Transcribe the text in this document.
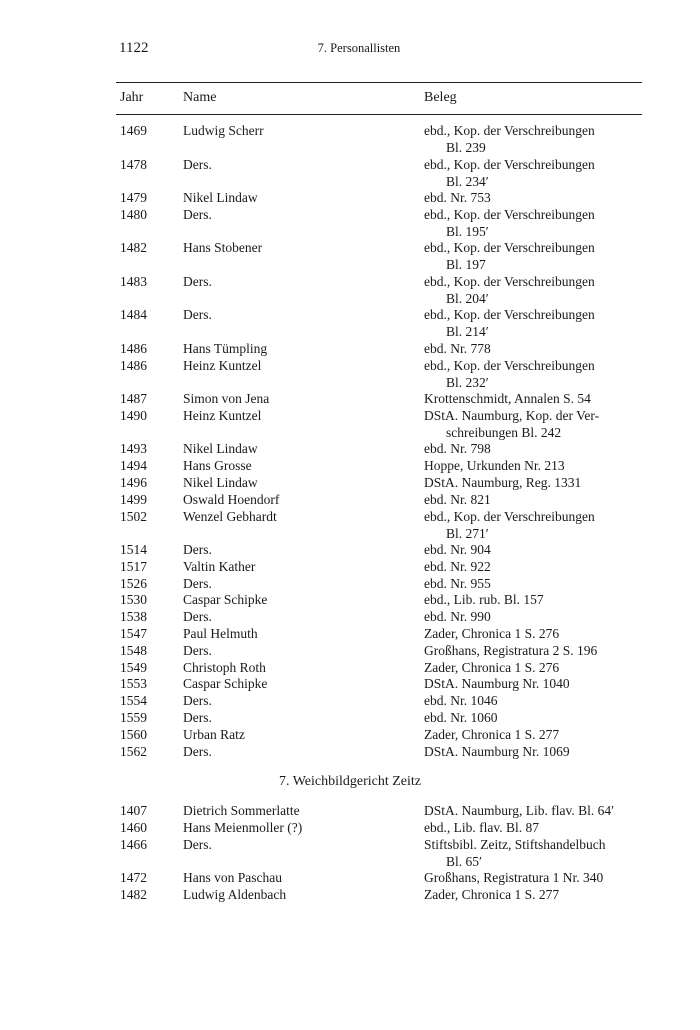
1122	7. Personallisten
Jahr	Name	Beleg
1469	Ludwig Scherr	ebd., Kop. der Verschreibungen
Bl. 239
1478	Ders.	ebd., Kop. der Verschreibungen
Bl. 234′
1479	Nikel Lindaw	ebd. Nr. 753
1480	Ders.	ebd., Kop. der Verschreibungen
Bl. 195′
1482	Hans Stobener	ebd., Kop. der Verschreibungen
Bl. 197
1483	Ders.	ebd., Kop. der Verschreibungen
Bl. 204′
1484	Ders.	ebd., Kop. der Verschreibungen
Bl. 214′
1486	Hans Tümpling	ebd. Nr. 778
1486	Heinz Kuntzel	ebd., Kop. der Verschreibungen
Bl. 232′
1487	Simon von Jena	Krottenschmidt, Annalen S. 54
1490	Heinz Kuntzel	DStA. Naumburg, Kop. der Ver-
schreibungen Bl. 242
1493	Nikel Lindaw	ebd. Nr. 798
1494	Hans Grosse	Hoppe, Urkunden Nr. 213
1496	Nikel Lindaw	DStA. Naumburg, Reg. 1331
1499	Oswald Hoendorf	ebd. Nr. 821
1502	Wenzel Gebhardt	ebd., Kop. der Verschreibungen
Bl. 271′
1514	Ders.	ebd. Nr. 904
1517	Valtin Kather	ebd. Nr. 922
1526	Ders.	ebd. Nr. 955
1530	Caspar Schipke	ebd., Lib. rub. Bl. 157
1538	Ders.	ebd. Nr. 990
1547	Paul Helmuth	Zader, Chronica 1 S. 276
1548	Ders.	Großhans, Registratura 2 S. 196
1549	Christoph Roth	Zader, Chronica 1 S. 276
1553	Caspar Schipke	DStA. Naumburg Nr. 1040
1554	Ders.	ebd. Nr. 1046
1559	Ders.	ebd. Nr. 1060
1560	Urban Ratz	Zader, Chronica 1 S. 277
1562	Ders.	DStA. Naumburg Nr. 1069
7. Weichbildgericht Zeitz
1407	Dietrich Sommerlatte	DStA. Naumburg, Lib. flav. Bl. 64′
1460	Hans Meienmoller (?)	ebd., Lib. flav. Bl. 87
1466	Ders.	Stiftsbibl. Zeitz, Stiftshandelbuch
Bl. 65′
1472	Hans von Paschau	Großhans, Registratura 1 Nr. 340
1482	Ludwig Aldenbach	Zader, Chronica 1 S. 277
